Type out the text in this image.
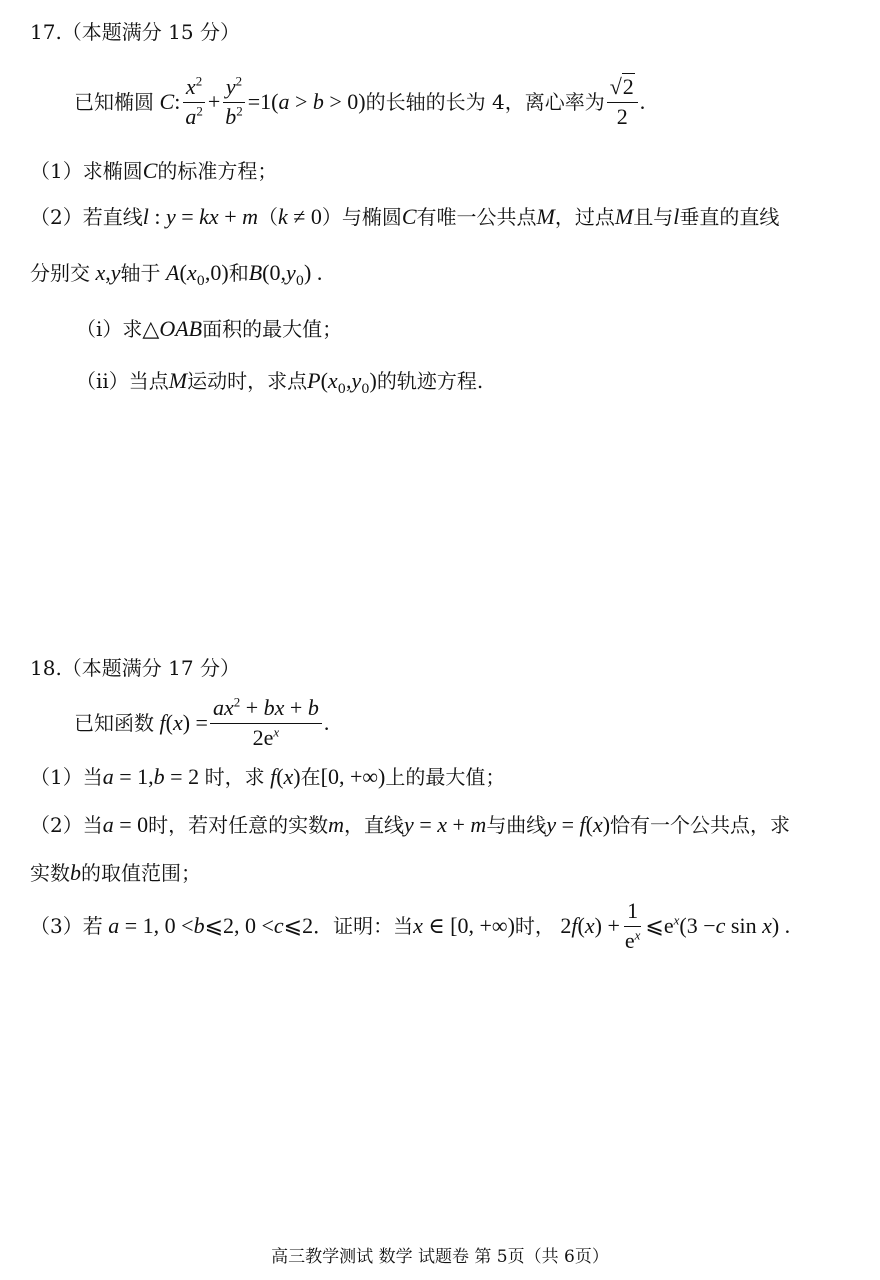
17.（本题满分 15 分）
已知椭圆 C : $\frac{x^2}{a^2} + \frac{y^2}{b^2} =1(a > b > 0)$ 的长轴的长为 4，离心率为 $\frac{√2}{2}$ .
（1）求椭圆C的标准方程；
（2）若直线l : y = kx + m（k ≠ 0）与椭圆C有唯一公共点M，过点M且与l垂直的直线
分别交 x,y轴于 $A(x_0,0)$和$B(0,y_0)$ .
（i）求△OAB面积的最大值；
（ii）当点M运动时，求点$P(x_0,y_0)$的轨迹方程.
18.（本题满分 17 分）
已知函数 f ( x ) = $\frac{ax^2 + bx + b}{2e^x}$ .
（1）当a = 1,b = 2 时，求 f(x)在[0, +∞)上的最大值；
（2）当a = 0时，若对任意的实数m，直线y = x + m与曲线y = f(x)恰有一个公共点，求
实数b的取值范围；
（3）若 a = 1, 0 < b ⩽2, 0 < c ⩽2 ．证明：当 x ∈ [0, +∞) 时， 2 f ( x ) + $\frac{1}{e^x}$ $⩽e^x(3 - c$ sin x ) .
高三教学测试 数学 试题卷 第 5页（共 6页）
